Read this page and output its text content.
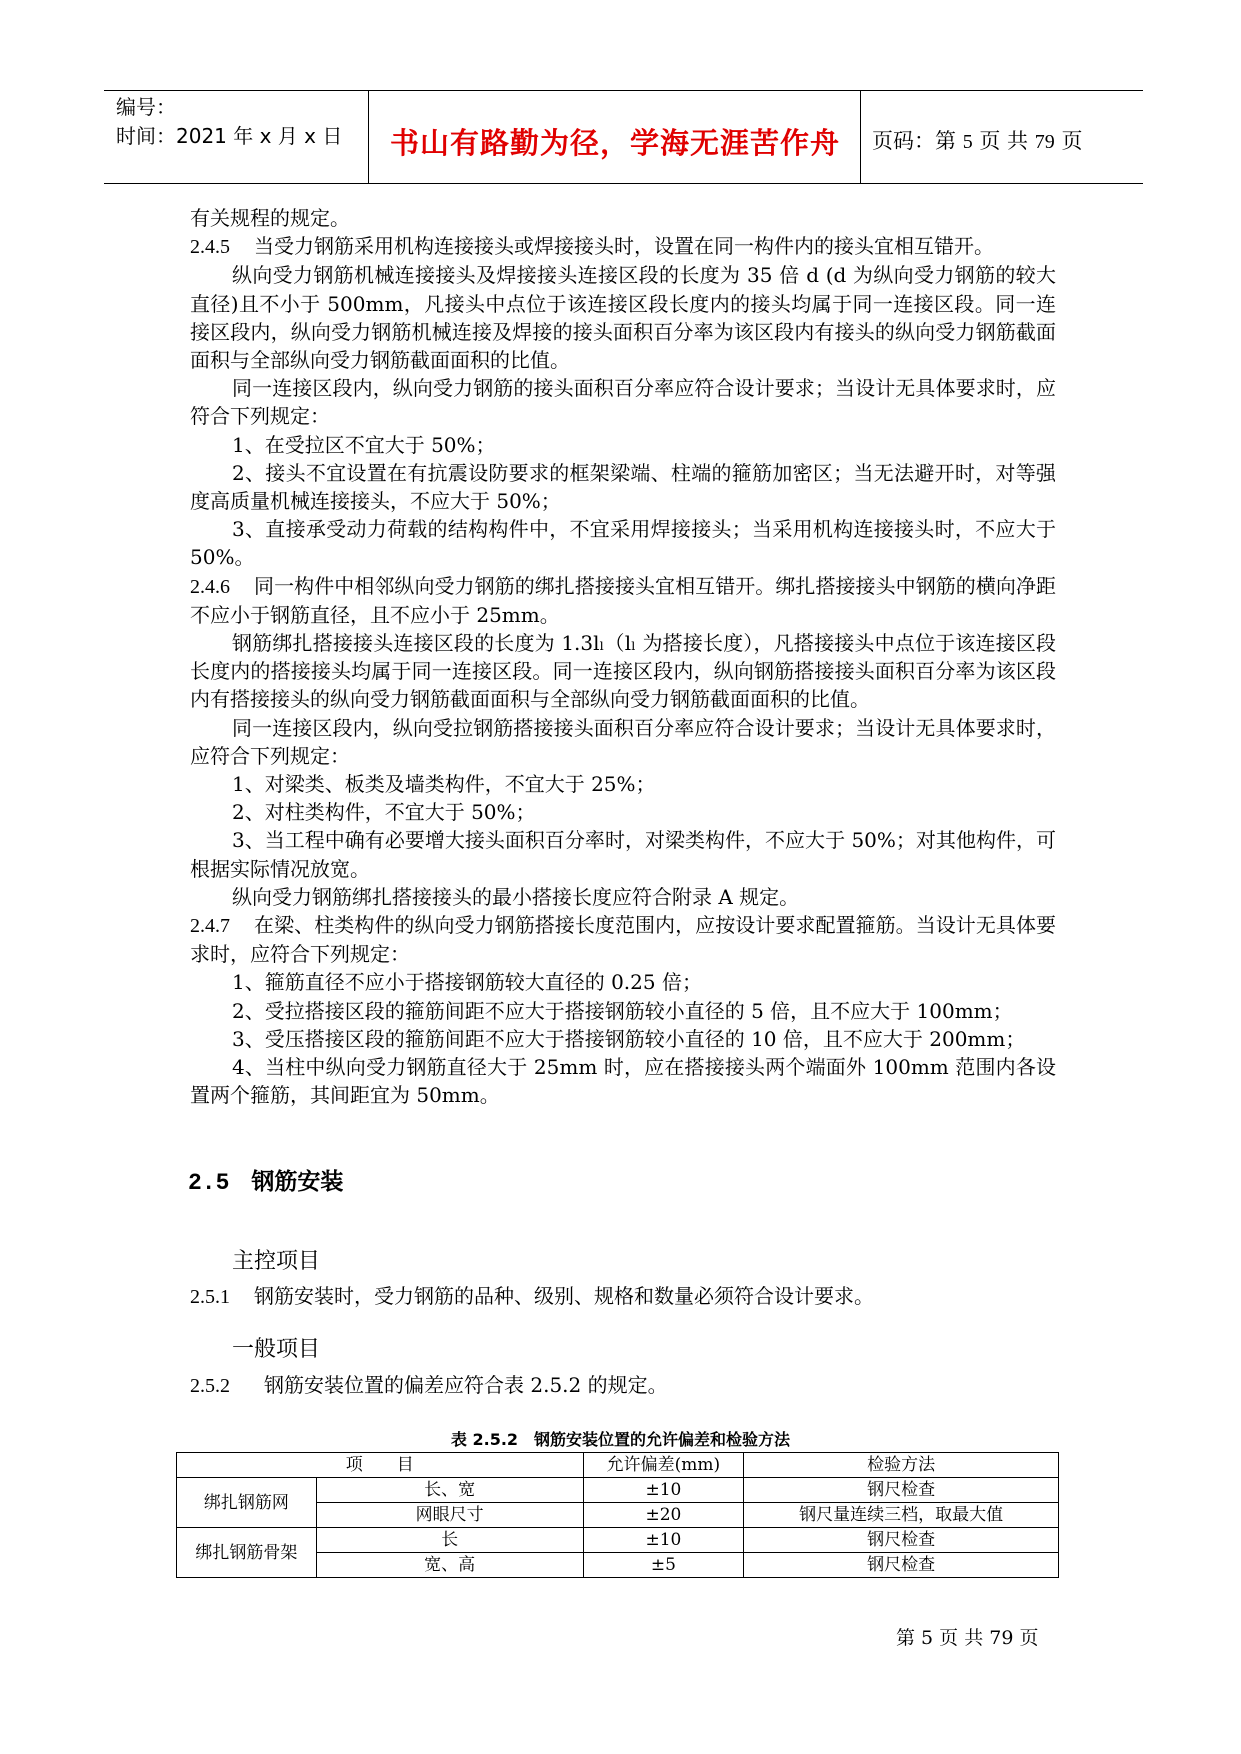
编号：
时间：2021 年 x 月 x 日	书山有路勤为径，学海无涯苦作舟	页码：第 5 页 共 79 页

有关规程的规定。

2.4.5 当受力钢筋采用机构连接接头或焊接接头时，设置在同一构件内的接头宜相互错开。

纵向受力钢筋机械连接接头及焊接接头连接区段的长度为 35 倍 d (d 为纵向受力钢筋的较大直径)且不小于 500mm，凡接头中点位于该连接区段长度内的接头均属于同一连接区段。同一连接区段内，纵向受力钢筋机械连接及焊接的接头面积百分率为该区段内有接头的纵向受力钢筋截面面积与全部纵向受力钢筋截面面积的比值。

同一连接区段内，纵向受力钢筋的接头面积百分率应符合设计要求；当设计无具体要求时，应符合下列规定：

1、在受拉区不宜大于 50%；

2、接头不宜设置在有抗震设防要求的框架梁端、柱端的箍筋加密区；当无法避开时，对等强度高质量机械连接接头，不应大于 50%；

3、直接承受动力荷载的结构构件中，不宜采用焊接接头；当采用机构连接接头时，不应大于 50%。

2.4.6 同一构件中相邻纵向受力钢筋的绑扎搭接接头宜相互错开。绑扎搭接接头中钢筋的横向净距不应小于钢筋直径，且不应小于 25mm。

钢筋绑扎搭接接头连接区段的长度为 1.3lₗ（lₗ 为搭接长度），凡搭接接头中点位于该连接区段长度内的搭接接头均属于同一连接区段。同一连接区段内，纵向钢筋搭接接头面积百分率为该区段内有搭接接头的纵向受力钢筋截面面积与全部纵向受力钢筋截面面积的比值。

同一连接区段内，纵向受拉钢筋搭接接头面积百分率应符合设计要求；当设计无具体要求时，应符合下列规定：

1、对梁类、板类及墙类构件，不宜大于 25%；

2、对柱类构件，不宜大于 50%；

3、当工程中确有必要增大接头面积百分率时，对梁类构件，不应大于 50%；对其他构件，可根据实际情况放宽。

纵向受力钢筋绑扎搭接接头的最小搭接长度应符合附录 A 规定。

2.4.7 在梁、柱类构件的纵向受力钢筋搭接长度范围内，应按设计要求配置箍筋。当设计无具体要求时，应符合下列规定：

1、箍筋直径不应小于搭接钢筋较大直径的 0.25 倍；

2、受拉搭接区段的箍筋间距不应大于搭接钢筋较小直径的 5 倍，且不应大于 100mm；

3、受压搭接区段的箍筋间距不应大于搭接钢筋较小直径的 10 倍，且不应大于 200mm；

4、当柱中纵向受力钢筋直径大于 25mm 时，应在搭接接头两个端面外 100mm 范围内各设置两个箍筋，其间距宜为 50mm。

2.5 钢筋安装
主控项目
2.5.1 钢筋安装时，受力钢筋的品种、级别、规格和数量必须符合设计要求。
一般项目
2.5.2 钢筋安装位置的偏差应符合表 2.5.2 的规定。
表 2.5.2　钢筋安装位置的允许偏差和检验方法
项　　目		允许偏差(mm)	检验方法
绑扎钢筋网	长、宽	±10	钢尺检查
	网眼尺寸	±20	钢尺量连续三档，取最大值
绑扎钢筋骨架	长	±10	钢尺检查
	宽、高	±5	钢尺检查
第 5 页 共 79 页
